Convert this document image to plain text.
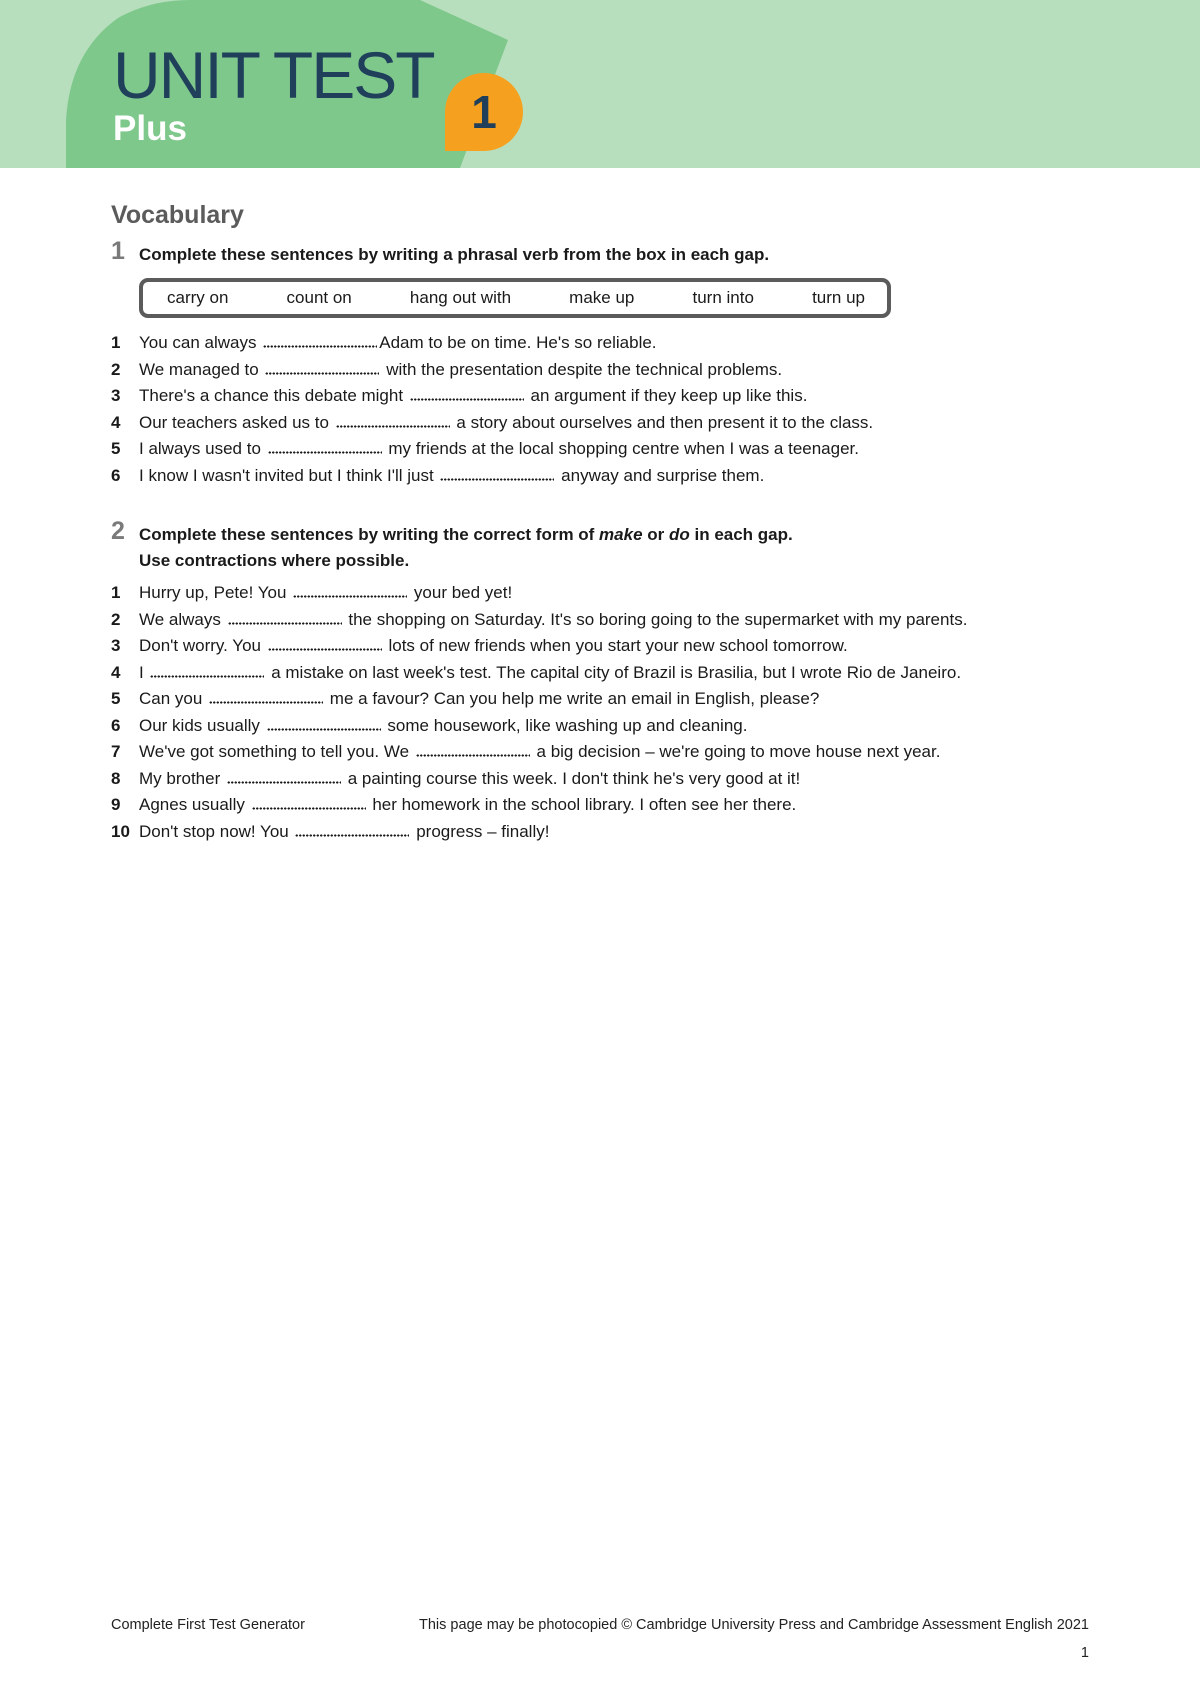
UNIT TEST
Plus	1
Vocabulary
1 Complete these sentences by writing a phrasal verb from the box in each gap.

carry on	count on	hang out with	make up	turn into	turn up
1 You can always	Adam to be on time. He's so reliable.
2 We managed to	with the presentation despite the technical problems.
3 There's a chance this debate might	an argument if they keep up like this.
4 Our teachers asked us to	a story about ourselves and then present it to the class.
5 I always used to	my friends at the local shopping centre when I was a teenager.
6 I know I wasn't invited but I think I'll just	anyway and surprise them.
2 Complete these sentences by writing the correct form of make or do in each gap.
Use contractions where possible.

1 Hurry up, Pete! You	your bed yet!
2 We always	the shopping on Saturday. It's so boring going to the supermarket with my parents.
3 Don't worry. You	lots of new friends when you start your new school tomorrow.
4 I	a mistake on last week's test. The capital city of Brazil is Brasilia, but I wrote Rio de Janeiro.
5 Can you	me a favour? Can you help me write an email in English, please?
6 Our kids usually	some housework, like washing up and cleaning.
7 We've got something to tell you. We	a big decision – we're going to move house next year.
8 My brother	a painting course this week. I don't think he's very good at it!
9 Agnes usually	her homework in the school library. I often see her there.
10 Don't stop now! You	progress – finally!
Complete First Test Generator	This page may be photocopied © Cambridge University Press and Cambridge Assessment English 2021
1
